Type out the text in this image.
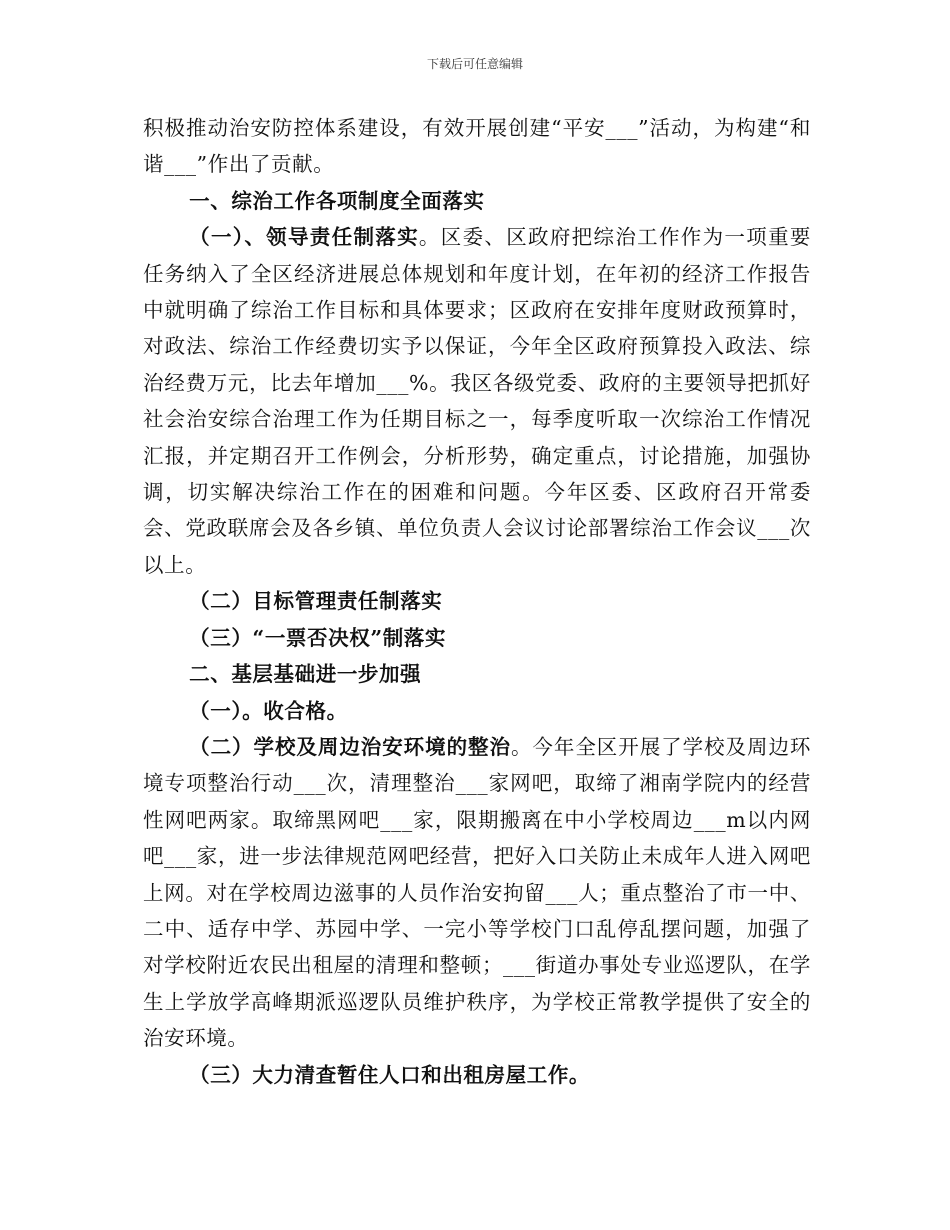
下载后可任意编辑

积极推动治安防控体系建设，有效开展创建“平安___”活动，为构建“和谐___”作出了贡献。

一、综治工作各项制度全面落实

（一）、领导责任制落实。区委、区政府把综治工作作为一项重要任务纳入了全区经济进展总体规划和年度计划，在年初的经济工作报告中就明确了综治工作目标和具体要求；区政府在安排年度财政预算时，对政法、综治工作经费切实予以保证，今年全区政府预算投入政法、综治经费万元，比去年增加___%。我区各级党委、政府的主要领导把抓好社会治安综合治理工作为任期目标之一，每季度听取一次综治工作情况汇报，并定期召开工作例会，分析形势，确定重点，讨论措施，加强协调，切实解决综治工作在的困难和问题。今年区委、区政府召开常委会、党政联席会及各乡镇、单位负责人会议讨论部署综治工作会议___次以上。

（二）目标管理责任制落实

（三）“一票否决权”制落实

二、基层基础进一步加强

（一）。收合格。

（二）学校及周边治安环境的整治。今年全区开展了学校及周边环境专项整治行动___次，清理整治___家网吧，取缔了湘南学院内的经营性网吧两家。取缔黑网吧___家，限期搬离在中小学校周边___m以内网吧___家，进一步法律规范网吧经营，把好入口关防止未成年人进入网吧上网。对在学校周边滋事的人员作治安拘留___人；重点整治了市一中、二中、适存中学、苏园中学、一完小等学校门口乱停乱摆问题，加强了对学校附近农民出租屋的清理和整顿；___街道办事处专业巡逻队，在学生上学放学高峰期派巡逻队员维护秩序，为学校正常教学提供了安全的治安环境。

（三）大力清查暂住人口和出租房屋工作。
